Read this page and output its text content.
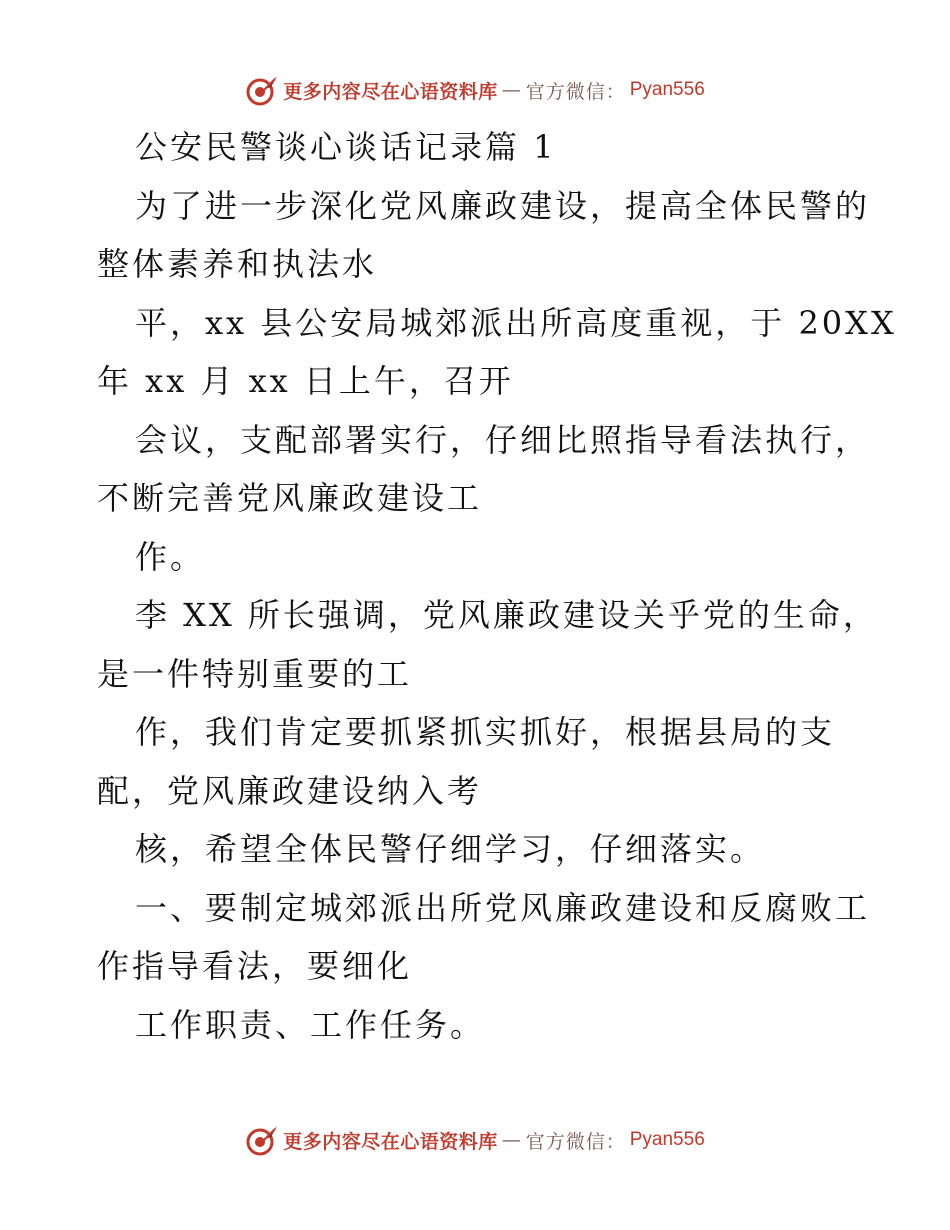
更多内容尽在心语资料库 — 官方微信： Pyan556
公安民警谈心谈话记录篇 1
为了进一步深化党风廉政建设，提高全体民警的
整体素养和执法水
平，xx 县公安局城郊派出所高度重视，于 20XX
年 xx 月 xx 日上午，召开
会议，支配部署实行，仔细比照指导看法执行，
不断完善党风廉政建设工
作。
李 XX 所长强调，党风廉政建设关乎党的生命，
是一件特别重要的工
作，我们肯定要抓紧抓实抓好，根据县局的支
配，党风廉政建设纳入考
核，希望全体民警仔细学习，仔细落实。
一、要制定城郊派出所党风廉政建设和反腐败工
作指导看法，要细化
工作职责、工作任务。
更多内容尽在心语资料库 — 官方微信： Pyan556
